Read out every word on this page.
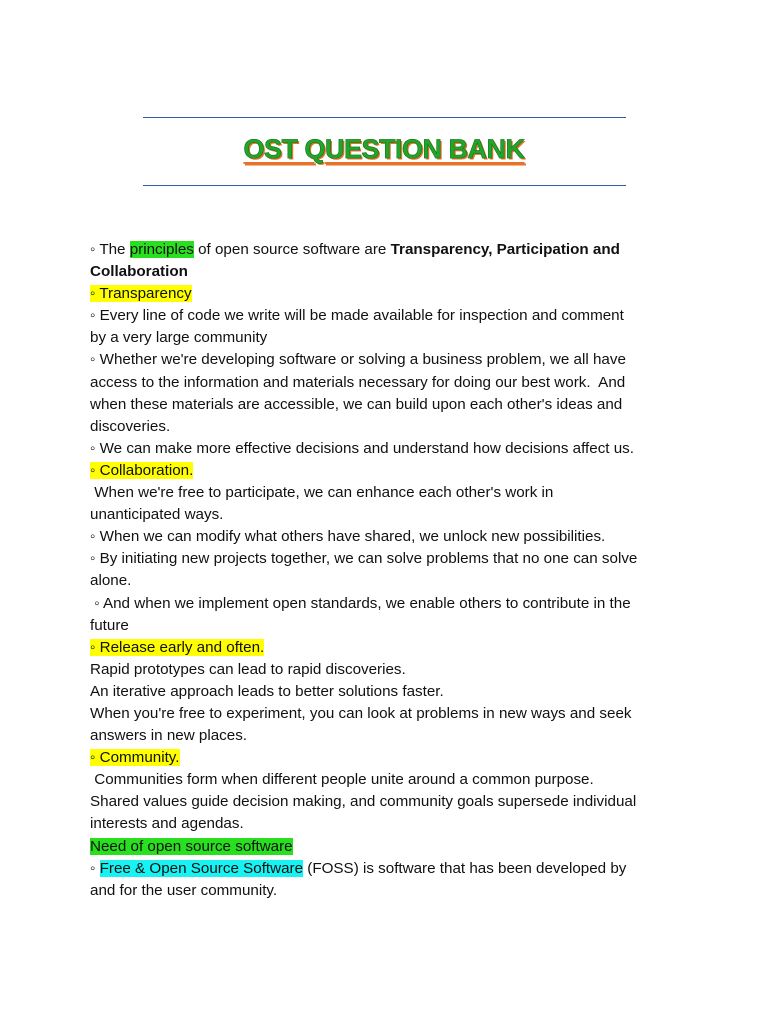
OST QUESTION BANK
◦ The principles of open source software are Transparency, Participation and
Collaboration
◦ Transparency
◦ Every line of code we write will be made available for inspection and comment
by a very large community
◦ Whether we're developing software or solving a business problem, we all have
access to the information and materials necessary for doing our best work.  And
when these materials are accessible, we can build upon each other's ideas and
discoveries.
◦ We can make more effective decisions and understand how decisions affect us.
◦ Collaboration.
When we're free to participate, we can enhance each other's work in
unanticipated ways.
◦ When we can modify what others have shared, we unlock new possibilities.
◦ By initiating new projects together, we can solve problems that no one can solve
alone.
◦ And when we implement open standards, we enable others to contribute in the
future
◦ Release early and often.
Rapid prototypes can lead to rapid discoveries.
An iterative approach leads to better solutions faster.
When you're free to experiment, you can look at problems in new ways and seek
answers in new places.
◦ Community.
Communities form when different people unite around a common purpose.
Shared values guide decision making, and community goals supersede individual
interests and agendas.
Need of open source software
◦ Free & Open Source Software (FOSS) is software that has been developed by
and for the user community.
